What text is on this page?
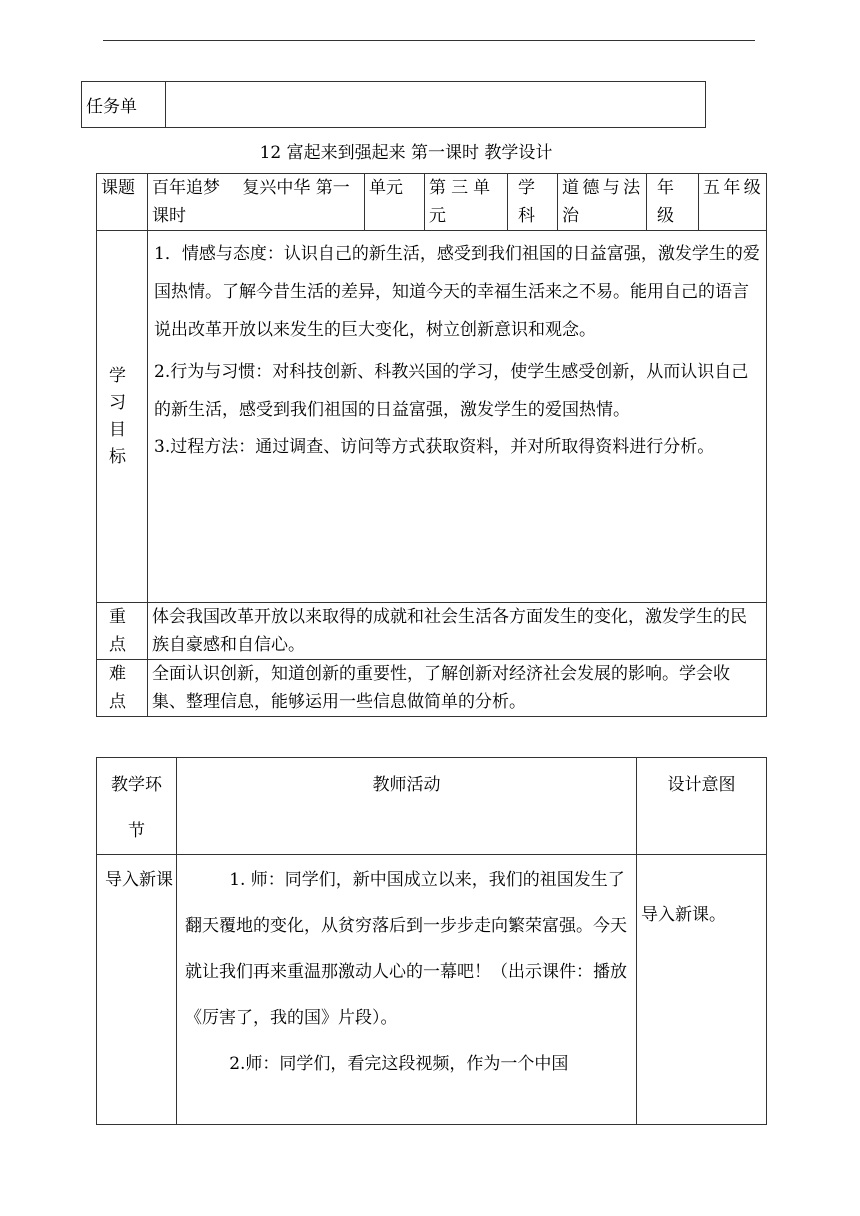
任务单	
12 富起来到强起来 第一课时 教学设计
课题	百年追梦　 复兴中华 第一课时	单元	第三单元	学科	道德与法治	年级	五年级

学习目标	1．情感与态度：认识自己的新生活，感受到我们祖国的日益富强，激发学生的爱国热情。了解今昔生活的差异，知道今天的幸福生活来之不易。能用自己的语言说出改革开放以来发生的巨大变化，树立创新意识和观念。

2.行为与习惯：对科技创新、科教兴国的学习，使学生感受创新，从而认识自己的新生活，感受到我们祖国的日益富强，激发学生的爱国热情。

3.过程方法：通过调查、访问等方式获取资料，并对所取得资料进行分析。						

重点	体会我国改革开放以来取得的成就和社会生活各方面发生的变化，激发学生的民族自豪感和自信心。						

难点	全面认识创新，知道创新的重要性，了解创新对经济社会发展的影响。学会收集、整理信息，能够运用一些信息做简单的分析。						
教学环节	教师活动	设计意图

导入新课	1. 师：同学们，新中国成立以来，我们的祖国发生了翻天覆地的变化，从贫穷落后到一步步走向繁荣富强。今天就让我们再来重温那激动人心的一幕吧！（出示课件：播放《厉害了，我的国》片段）。

2.师：同学们，看完这段视频，作为一个中国	导入新课。
